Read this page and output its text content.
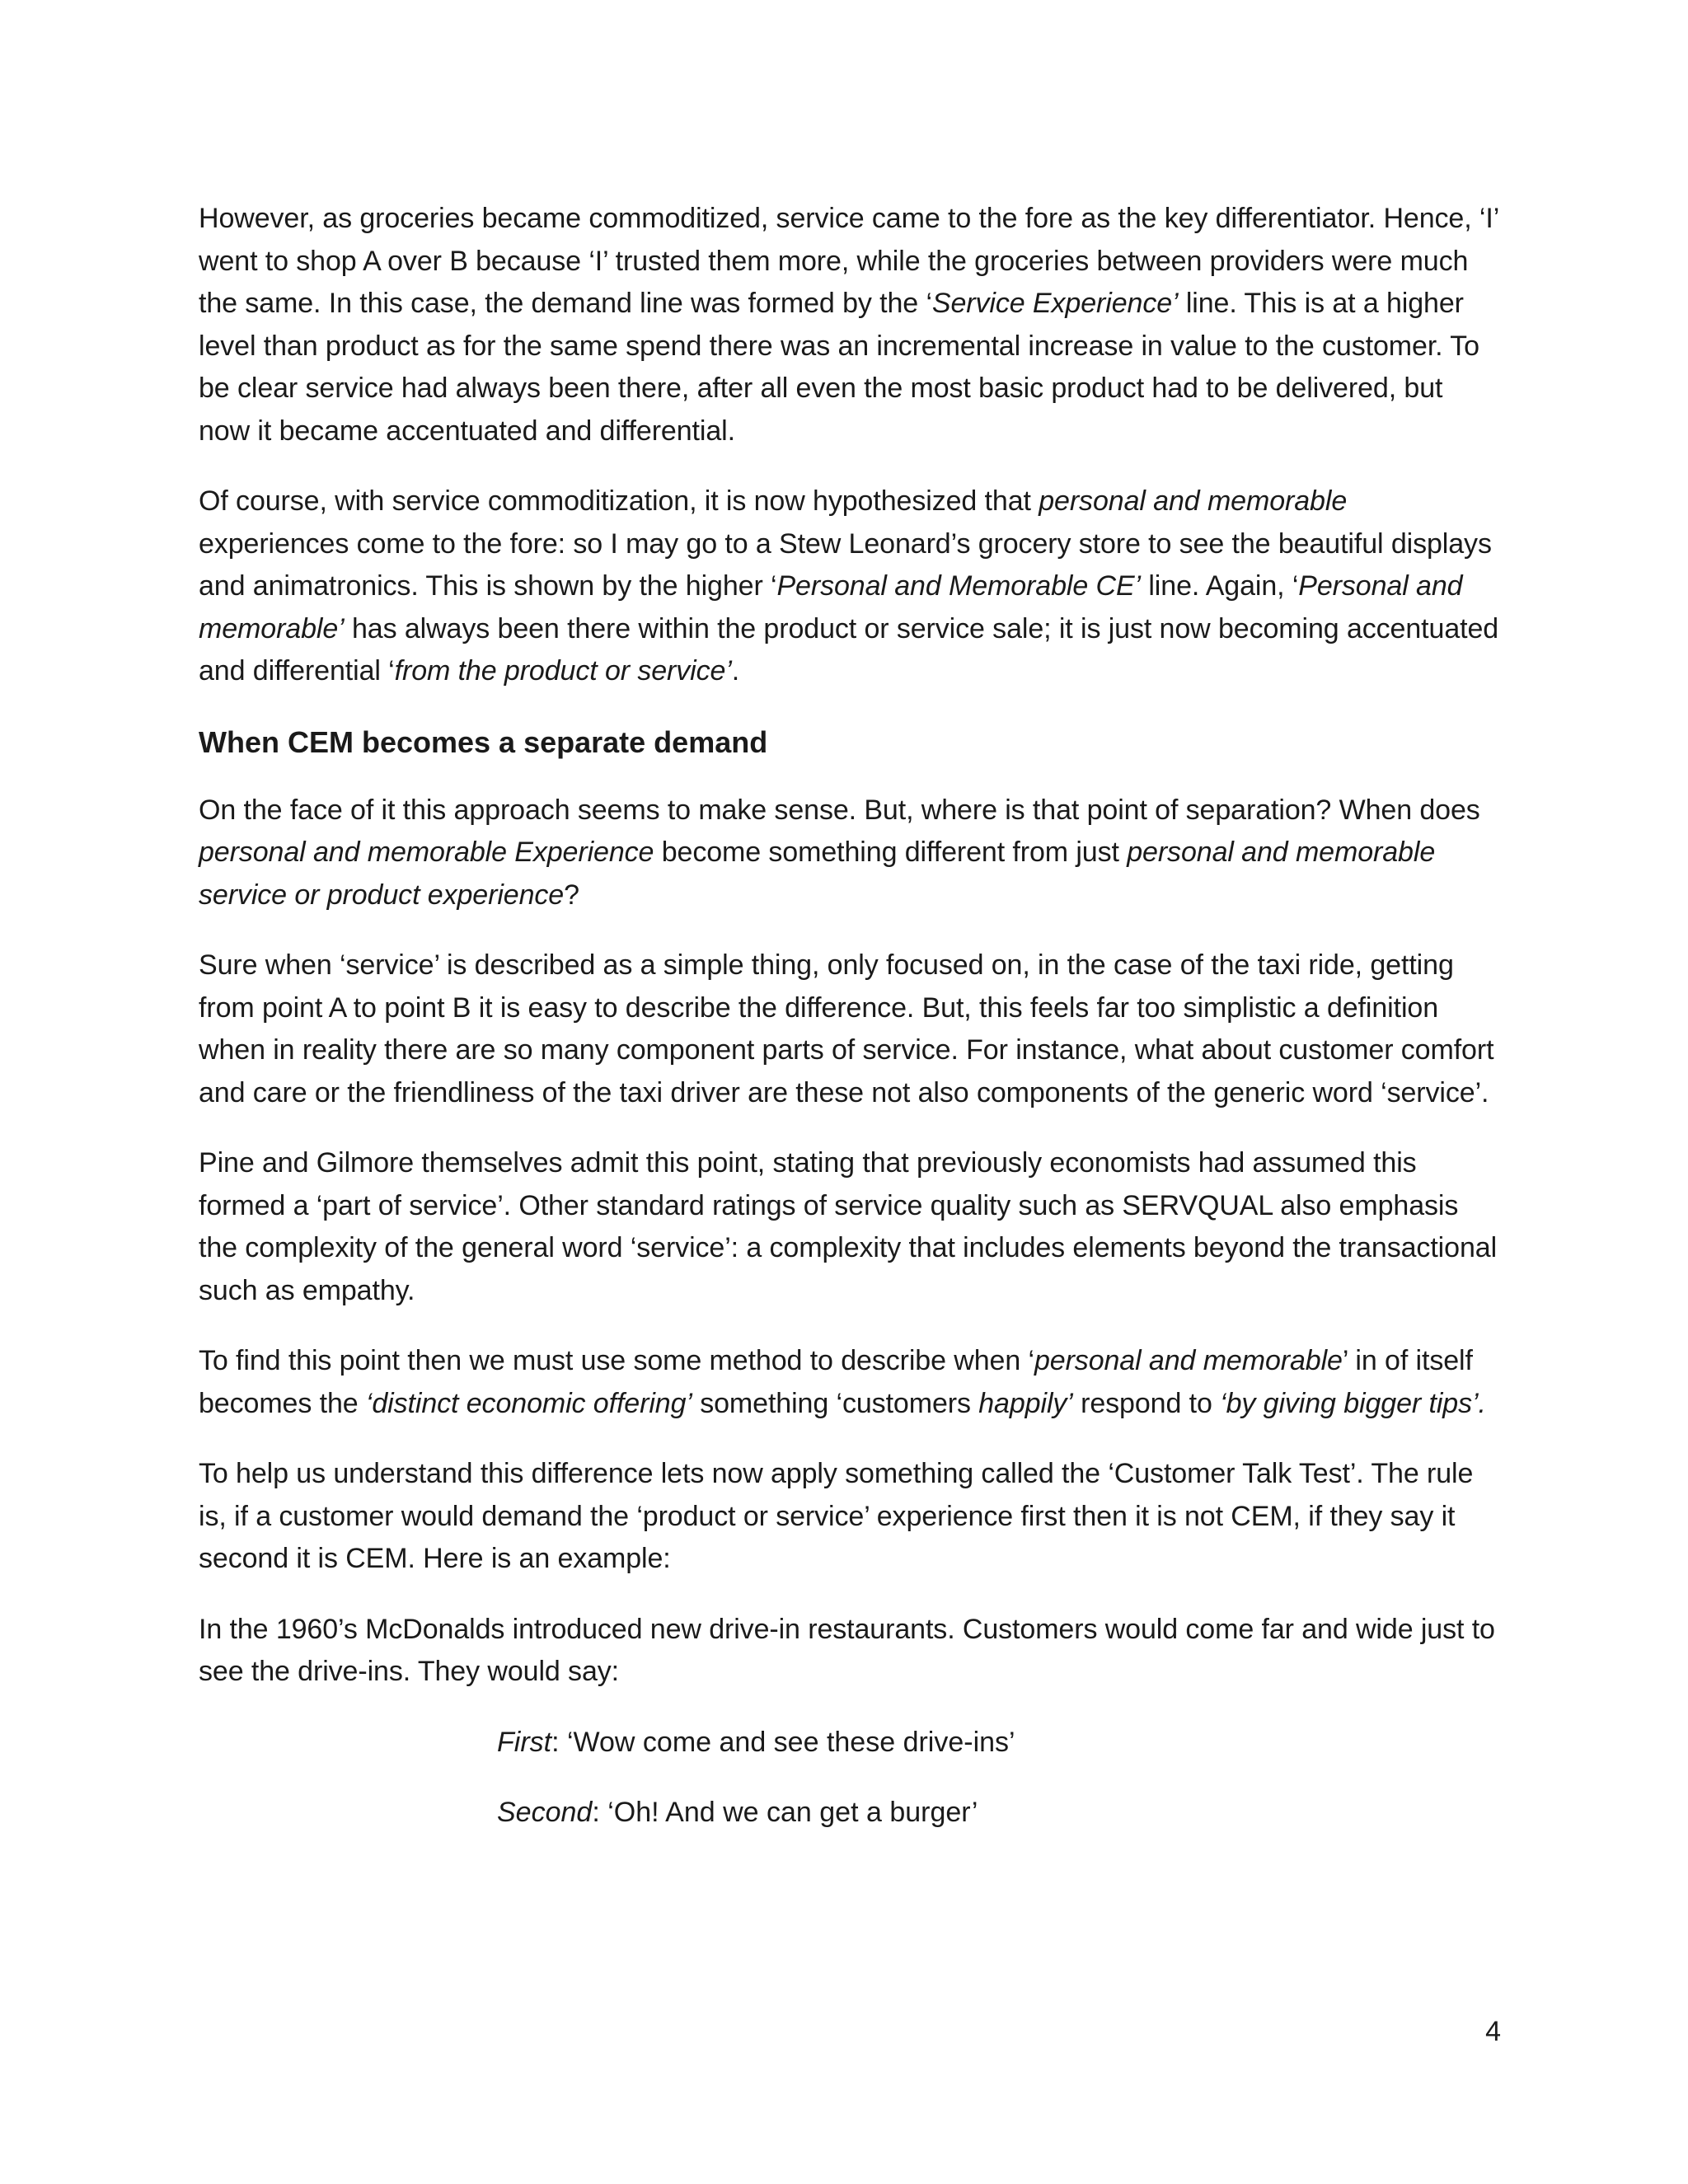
However, as groceries became commoditized, service came to the fore as the key differentiator. Hence, ‘I’ went to shop A over B because ‘I’ trusted them more, while the groceries between providers were much the same. In this case, the demand line was formed by the ‘Service Experience’ line. This is at a higher level than product as for the same spend there was an incremental increase in value to the customer. To be clear service had always been there, after all even the most basic product had to be delivered, but now it became accentuated and differential.

Of course, with service commoditization, it is now hypothesized that personal and memorable experiences come to the fore: so I may go to a Stew Leonard’s grocery store to see the beautiful displays and animatronics. This is shown by the higher ‘Personal and Memorable CE’ line. Again, ‘Personal and memorable’ has always been there within the product or service sale; it is just now becoming accentuated and differential ‘from the product or service’.

When CEM becomes a separate demand

On the face of it this approach seems to make sense. But, where is that point of separation? When does personal and memorable Experience become something different from just personal and memorable service or product experience?

Sure when ‘service’ is described as a simple thing, only focused on, in the case of the taxi ride, getting from point A to point B it is easy to describe the difference. But, this feels far too simplistic a definition when in reality there are so many component parts of service. For instance, what about customer comfort and care or the friendliness of the taxi driver are these not also components of the generic word ‘service’.

Pine and Gilmore themselves admit this point, stating that previously economists had assumed this formed a ‘part of service’. Other standard ratings of service quality such as SERVQUAL also emphasis the complexity of the general word ‘service’: a complexity that includes elements beyond the transactional such as empathy.

To find this point then we must use some method to describe when ‘personal and memorable’ in of itself becomes the ‘distinct economic offering’ something ‘customers happily’ respond to ‘by giving bigger tips’.

To help us understand this difference lets now apply something called the ‘Customer Talk Test’. The rule is, if a customer would demand the ‘product or service’ experience first then it is not CEM, if they say it second it is CEM. Here is an example:

In the 1960’s McDonalds introduced new drive-in restaurants. Customers would come far and wide just to see the drive-ins. They would say:

First: ‘Wow come and see these drive-ins’

Second: ‘Oh! And we can get a burger’

4
